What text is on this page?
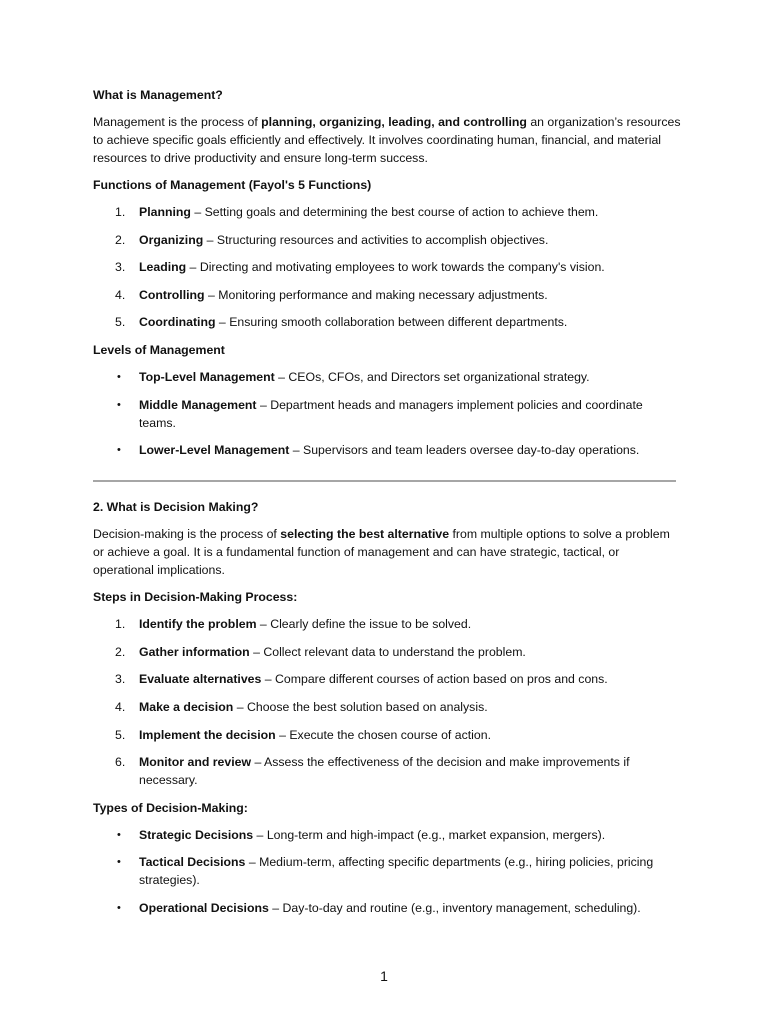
What is Management?

Management is the process of planning, organizing, leading, and controlling an organization’s resources to achieve specific goals efficiently and effectively. It involves coordinating human, financial, and material resources to drive productivity and ensure long-term success.

Functions of Management (Fayol's 5 Functions)
1. Planning – Setting goals and determining the best course of action to achieve them.
2. Organizing – Structuring resources and activities to accomplish objectives.
3. Leading – Directing and motivating employees to work towards the company's vision.
4. Controlling – Monitoring performance and making necessary adjustments.
5. Coordinating – Ensuring smooth collaboration between different departments.
Levels of Management
• Top-Level Management – CEOs, CFOs, and Directors set organizational strategy.
• Middle Management – Department heads and managers implement policies and coordinate teams.
• Lower-Level Management – Supervisors and team leaders oversee day-to-day operations.
2. What is Decision Making?

Decision-making is the process of selecting the best alternative from multiple options to solve a problem or achieve a goal. It is a fundamental function of management and can have strategic, tactical, or operational implications.

Steps in Decision-Making Process:
1. Identify the problem – Clearly define the issue to be solved.
2. Gather information – Collect relevant data to understand the problem.
3. Evaluate alternatives – Compare different courses of action based on pros and cons.
4. Make a decision – Choose the best solution based on analysis.
5. Implement the decision – Execute the chosen course of action.
6. Monitor and review – Assess the effectiveness of the decision and make improvements if necessary.
Types of Decision-Making:
• Strategic Decisions – Long-term and high-impact (e.g., market expansion, mergers).
• Tactical Decisions – Medium-term, affecting specific departments (e.g., hiring policies, pricing strategies).
• Operational Decisions – Day-to-day and routine (e.g., inventory management, scheduling).
1
